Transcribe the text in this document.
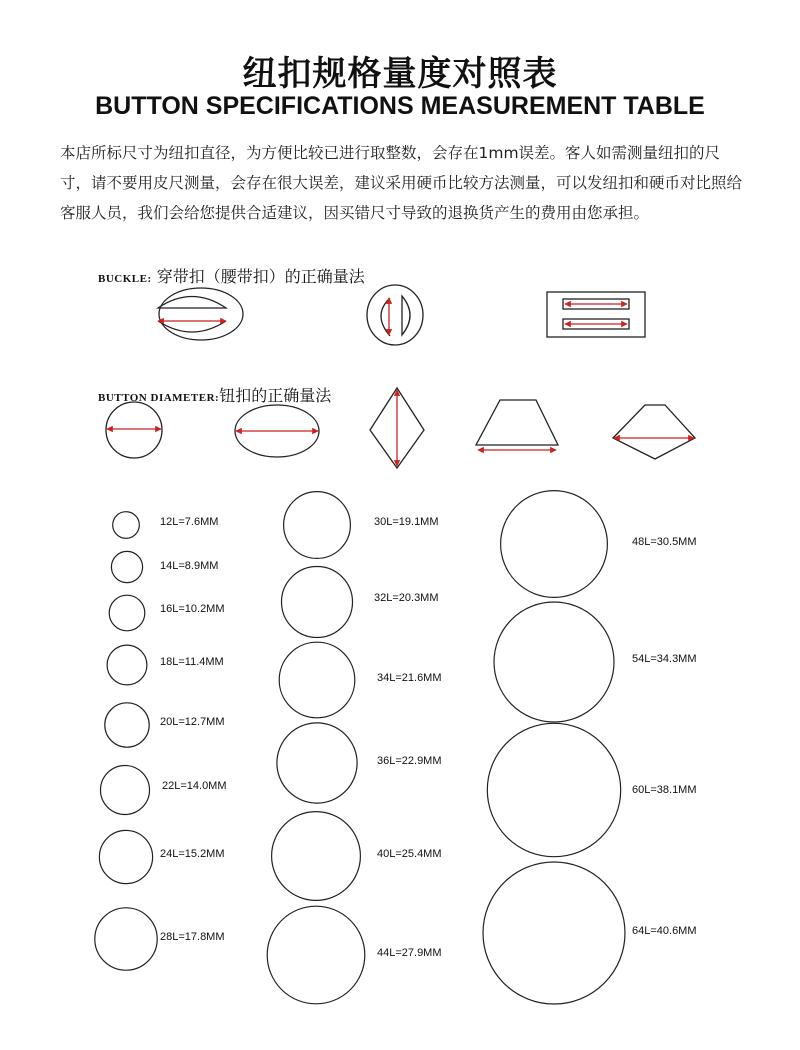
纽扣规格量度对照表
BUTTON SPECIFICATIONS MEASUREMENT TABLE
本店所标尺寸为纽扣直径，为方便比较已进行取整数，会存在1mm误差。客人如需测量纽扣的尺寸，请不要用皮尺测量，会存在很大误差，建议采用硬币比较方法测量，可以发纽扣和硬币对比照给客服人员，我们会给您提供合适建议，因买错尺寸导致的退换货产生的费用由您承担。
BUCKLE: 穿带扣（腰带扣）的正确量法
BUTTON DIAMETER:钮扣的正确量法
12L=7.6MM
14L=8.9MM
16L=10.2MM
18L=11.4MM
20L=12.7MM
22L=14.0MM
24L=15.2MM
28L=17.8MM
30L=19.1MM
32L=20.3MM
34L=21.6MM
36L=22.9MM
40L=25.4MM
44L=27.9MM
48L=30.5MM
54L=34.3MM
60L=38.1MM
64L=40.6MM
